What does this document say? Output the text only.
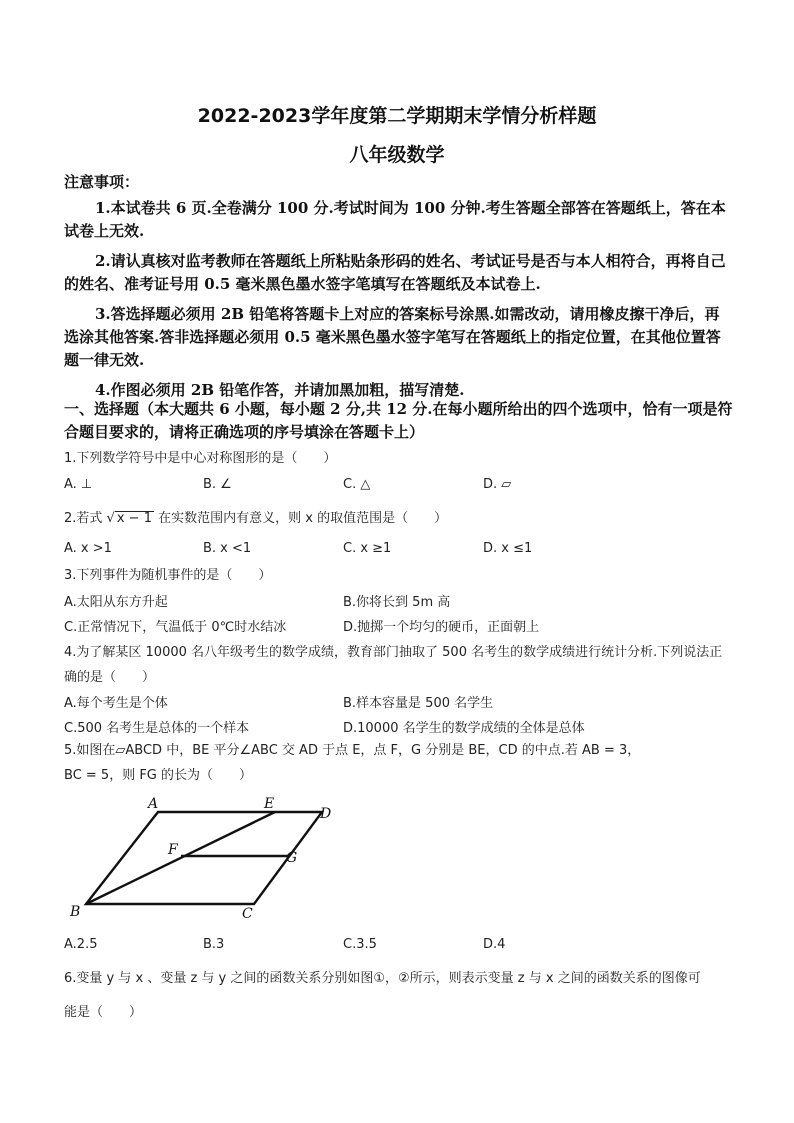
2022-2023学年度第二学期期末学情分析样题
八年级数学
注意事项：

1.本试卷共 6 页.全卷满分 100 分.考试时间为 100 分钟.考生答题全部答在答题纸上，答在本试卷上无效.

2.请认真核对监考教师在答题纸上所粘贴条形码的姓名、考试证号是否与本人相符合，再将自己的姓名、准考证号用 0.5 毫米黑色墨水签字笔填写在答题纸及本试卷上.

3.答选择题必须用 2B 铅笔将答题卡上对应的答案标号涂黑.如需改动，请用橡皮擦干净后，再选涂其他答案.答非选择题必须用 0.5 毫米黑色墨水签字笔写在答题纸上的指定位置，在其他位置答题一律无效.

4.作图必须用 2B 铅笔作答，并请加黑加粗，描写清楚.

一、选择题（本大题共 6 小题，每小题 2 分,共 12 分.在每小题所给出的四个选项中，恰有一项是符合题目要求的，请将正确选项的序号填涂在答题卡上）
1.下列数学符号中是中心对称图形的是（　　）
A. ⊥	B. ∠	C. △	D. ▱
2.若式 √ x − 1 在实数范围内有意义，则 x 的取值范围是（　　）
A. x >1	B. x <1	C. x ≥1	D. x ≤1
3.下列事件为随机事件的是（　　）
A.太阳从东方升起	B.你将长到 5m 高
C.正常情况下，气温低于 0℃时水结冰	D.抛掷一个均匀的硬币，正面朝上
4.为了解某区 10000 名八年级考生的数学成绩，教育部门抽取了 500 名考生的数学成绩进行统计分析.下列说法正确的是（　　）
A.每个考生是个体	B.样本容量是 500 名学生
C.500 名考生是总体的一个样本	D.10000 名学生的数学成绩的全体是总体
5.如图在▱ABCD 中，BE 平分∠ABC 交 AD 于点 E，点 F，G 分别是 BE，CD 的中点.若 AB = 3，
BC = 5，则 FG 的长为（　　）
A	E
D
F	G
B	C
A.2.5	B.3	C.3.5	D.4
6.变量 y 与 x 、变量 z 与 y 之间的函数关系分别如图①，②所示，则表示变量 z 与 x 之间的函数关系的图像可
能是（　　）
